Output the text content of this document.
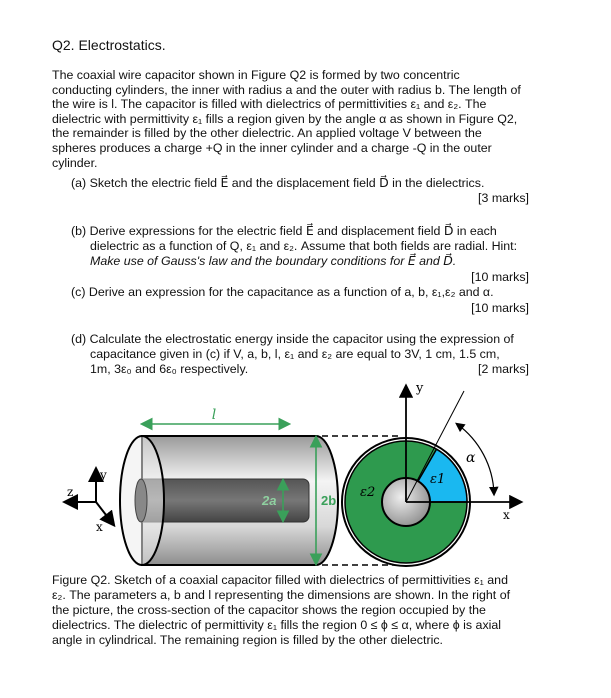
Q2. Electrostatics.
The coaxial wire capacitor shown in Figure Q2 is formed by two concentric
conducting cylinders, the inner with radius a and the outer with radius b. The length of
the wire is l. The capacitor is filled with dielectrics of permittivities ε₁ and ε₂. The
dielectric with permittivity ε₁ fills a region given by the angle α as shown in Figure Q2,
the remainder is filled by the other dielectric. An applied voltage V between the
spheres produces a charge +Q in the inner cylinder and a charge -Q in the outer
cylinder.
(a) Sketch the electric field E⃗ and the displacement field D⃗ in the dielectrics.
[3 marks]
(b) Derive expressions for the electric field E⃗ and displacement field D⃗ in each
dielectric as a function of Q, ε₁ and ε₂. Assume that both fields are radial. Hint:
Make use of Gauss's law and the boundary conditions for E⃗ and D⃗.
[10 marks]
(c) Derive an expression for the capacitance as a function of a, b, ε₁,ε₂ and α.
[10 marks]
(d) Calculate the electrostatic energy inside the capacitor using the expression of
capacitance given in (c) if V, a, b, l, ε₁ and ε₂ are equal to 3V, 1 cm, 1.5 cm,
1m, 3ε₀ and 6ε₀ respectively.	[2 marks]
l
2a	2b
y
z
x
y
x
α
ε1
ε2
Figure Q2. Sketch of a coaxial capacitor filled with dielectrics of permittivities ε₁ and
ε₂. The parameters a, b and l representing the dimensions are shown. In the right of
the picture, the cross-section of the capacitor shows the region occupied by the
dielectrics. The dielectric of permittivity ε₁ fills the region 0 ≤ ϕ ≤ α, where ϕ is axial
angle in cylindrical. The remaining region is filled by the other dielectric.
